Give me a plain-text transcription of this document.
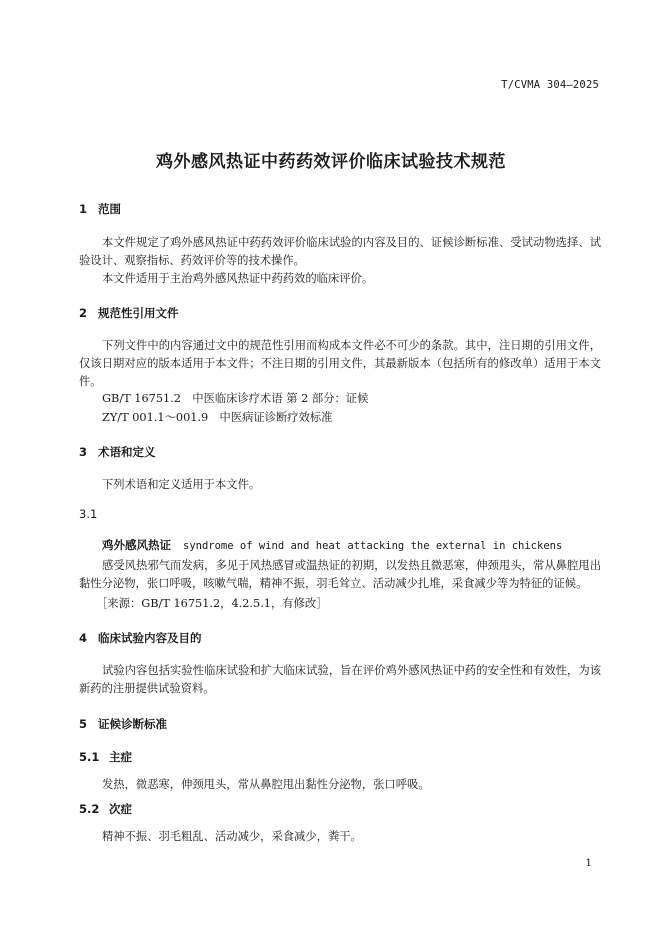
T/CVMA 304—2025
鸡外感风热证中药药效评价临床试验技术规范
1 范围
本文件规定了鸡外感风热证中药药效评价临床试验的内容及目的、证候诊断标准、受试动物选择、试验设计、观察指标、药效评价等的技术操作。
本文件适用于主治鸡外感风热证中药药效的临床评价。
2 规范性引用文件
下列文件中的内容通过文中的规范性引用而构成本文件必不可少的条款。其中，注日期的引用文件，仅该日期对应的版本适用于本文件；不注日期的引用文件，其最新版本（包括所有的修改单）适用于本文件。
GB/T 16751.2　中医临床诊疗术语 第 2 部分：证候
ZY/T 001.1～001.9　中医病证诊断疗效标准
3 术语和定义
下列术语和定义适用于本文件。
3.1
鸡外感风热证 syndrome of wind and heat attacking the external in chickens
感受风热邪气而发病，多见于风热感冒或温热证的初期，以发热且微恶寒，伸颈甩头，常从鼻腔甩出黏性分泌物，张口呼吸，咳嗽气喘，精神不振，羽毛耸立、活动减少扎堆，采食减少等为特征的证候。
［来源：GB/T 16751.2，4.2.5.1，有修改］
4 临床试验内容及目的
试验内容包括实验性临床试验和扩大临床试验，旨在评价鸡外感风热证中药的安全性和有效性，为该新药的注册提供试验资料。
5 证候诊断标准
5.1 主症
发热，微恶寒，伸颈甩头，常从鼻腔甩出黏性分泌物，张口呼吸。
5.2 次症
精神不振、羽毛粗乱、活动减少，采食减少，粪干。
1
